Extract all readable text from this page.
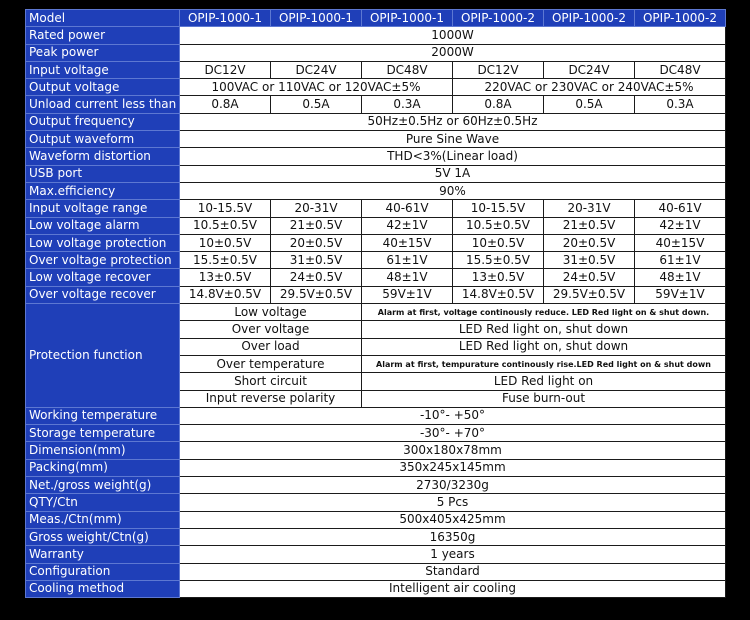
Model	OPIP-1000-1	OPIP-1000-1	OPIP-1000-1	OPIP-1000-2	OPIP-1000-2	OPIP-1000-2
Rated power	1000W					
Peak power	2000W					
Input voltage	DC12V	DC24V	DC48V	DC12V	DC24V	DC48V
Output voltage	100VAC or 110VAC or 120VAC±5%			220VAC or 230VAC or 240VAC±5%		
Unload current less than	0.8A	0.5A	0.3A	0.8A	0.5A	0.3A
Output frequency	50Hz±0.5Hz or 60Hz±0.5Hz					
Output waveform	Pure Sine Wave					
Waveform distortion	THD<3%(Linear load)					
USB port	5V 1A					
Max.efficiency	90%					
Input voltage range	10-15.5V	20-31V	40-61V	10-15.5V	20-31V	40-61V
Low voltage alarm	10.5±0.5V	21±0.5V	42±1V	10.5±0.5V	21±0.5V	42±1V
Low voltage protection	10±0.5V	20±0.5V	40±15V	10±0.5V	20±0.5V	40±15V
Over voltage protection	15.5±0.5V	31±0.5V	61±1V	15.5±0.5V	31±0.5V	61±1V
Low voltage recover	13±0.5V	24±0.5V	48±1V	13±0.5V	24±0.5V	48±1V
Over voltage recover	14.8V±0.5V	29.5V±0.5V	59V±1V	14.8V±0.5V	29.5V±0.5V	59V±1V
Protection function	Low voltage		Alarm at first, voltage continously reduce. LED Red light on & shut down.			
	Over voltage		LED Red light on, shut down			
	Over load		LED Red light on, shut down			
	Over temperature		Alarm at first, tempurature continously rise.LED Red light on & shut down			
	Short circuit		LED Red light on			
	Input reverse polarity		Fuse burn-out			
Working temperature	-10°- +50°					
Storage temperature	-30°- +70°					
Dimension(mm)	300x180x78mm					
Packing(mm)	350x245x145mm					
Net./gross weight(g)	2730/3230g					
QTY/Ctn	5 Pcs					
Meas./Ctn(mm)	500x405x425mm					
Gross weight/Ctn(g)	16350g					
Warranty	1 years					
Configuration	Standard					
Cooling method	Intelligent air cooling					
